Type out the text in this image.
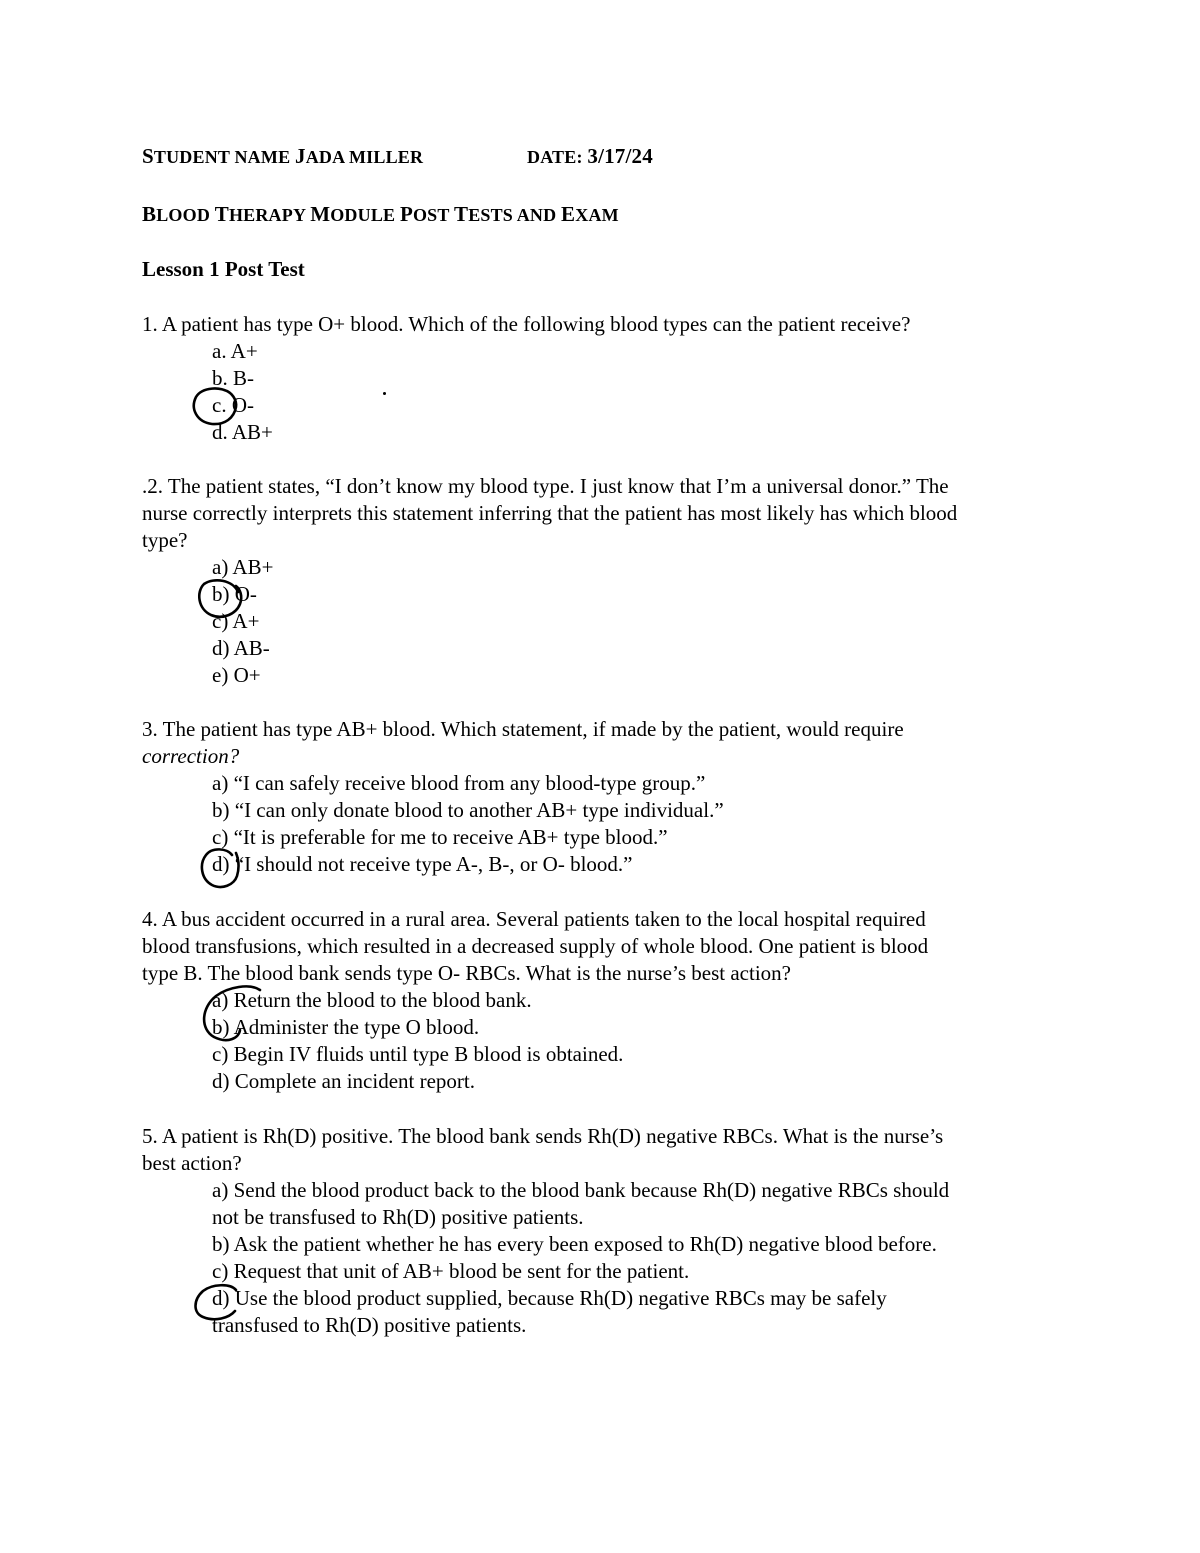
STUDENT NAME JADA MILLER	DATE: 3/17/24
BLOOD THERAPY MODULE POST TESTS AND EXAM
Lesson 1 Post Test
1. A patient has type O+ blood. Which of the following blood types can the patient receive?
a. A+
b. B-
c. O-
d. AB+
.2. The patient states, “I don’t know my blood type. I just know that I’m a universal donor.” The
nurse correctly interprets this statement inferring that the patient has most likely has which blood
type?
a) AB+
b) O-
c) A+
d) AB-
e) O+
3. The patient has type AB+ blood. Which statement, if made by the patient, would require
correction?
a) “I can safely receive blood from any blood-type group.”
b) “I can only donate blood to another AB+ type individual.”
c) “It is preferable for me to receive AB+ type blood.”
d) “I should not receive type A-, B-, or O- blood.”
4. A bus accident occurred in a rural area. Several patients taken to the local hospital required
blood transfusions, which resulted in a decreased supply of whole blood. One patient is blood
type B. The blood bank sends type O- RBCs. What is the nurse’s best action?
a) Return the blood to the blood bank.
b) Administer the type O blood.
c) Begin IV fluids until type B blood is obtained.
d) Complete an incident report.
5. A patient is Rh(D) positive. The blood bank sends Rh(D) negative RBCs. What is the nurse’s
best action?
a) Send the blood product back to the blood bank because Rh(D) negative RBCs should
not be transfused to Rh(D) positive patients.
b) Ask the patient whether he has every been exposed to Rh(D) negative blood before.
c) Request that unit of AB+ blood be sent for the patient.
d) Use the blood product supplied, because Rh(D) negative RBCs may be safely
transfused to Rh(D) positive patients.
